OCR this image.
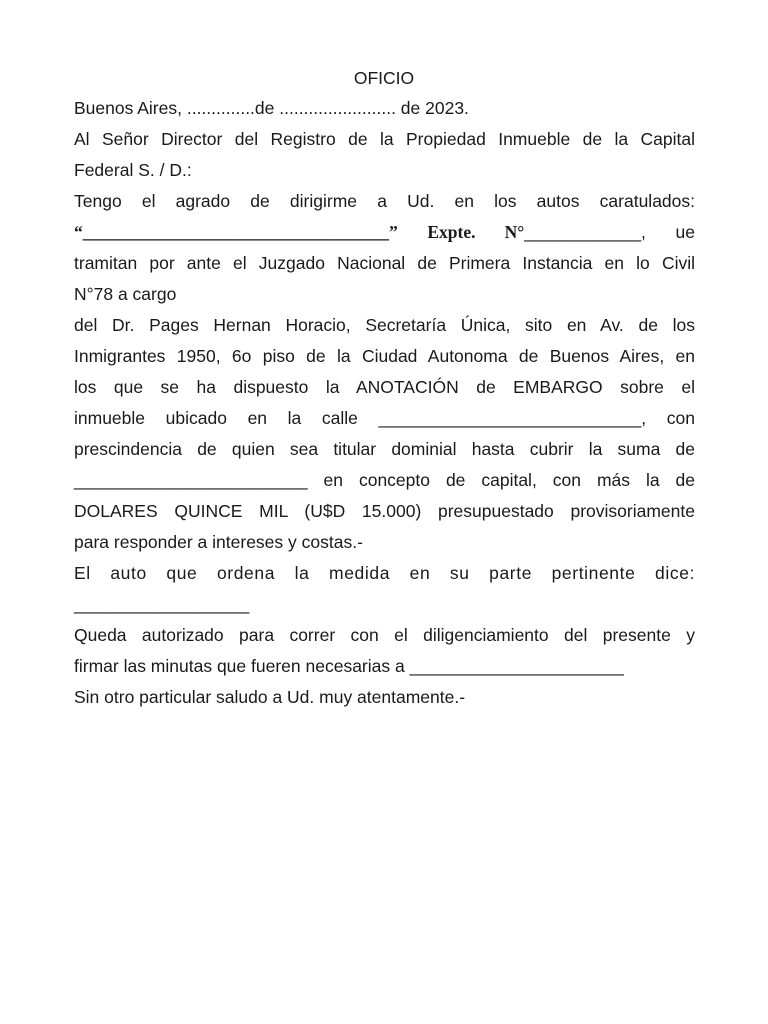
OFICIO
Buenos Aires, ..............de ........................ de 2023.
Al Señor Director del Registro de la Propiedad Inmueble de la Capital
Federal S. / D.:
Tengo el agrado de dirigirme a Ud. en los autos caratulados:
“___________________________________” Expte. N°____________, ue
tramitan por ante el Juzgado Nacional de Primera Instancia en lo Civil
N°78 a cargo
del Dr. Pages Hernan Horacio, Secretaría Única, sito en Av. de los
Inmigrantes 1950, 6o piso de la Ciudad Autonoma de Buenos Aires, en
los que se ha dispuesto la ANOTACIÓN de EMBARGO sobre el
inmueble ubicado en la calle ___________________________, con
prescindencia de quien sea titular dominial hasta cubrir la suma de
________________________ en concepto de capital, con más la de
DOLARES QUINCE MIL (U$D 15.000) presupuestado provisoriamente
para responder a intereses y costas.-
El auto que ordena la medida en su parte pertinente dice:
__________________
Queda autorizado para correr con el diligenciamiento del presente y
firmar las minutas que fueren necesarias a ______________________
Sin otro particular saludo a Ud. muy atentamente.-
